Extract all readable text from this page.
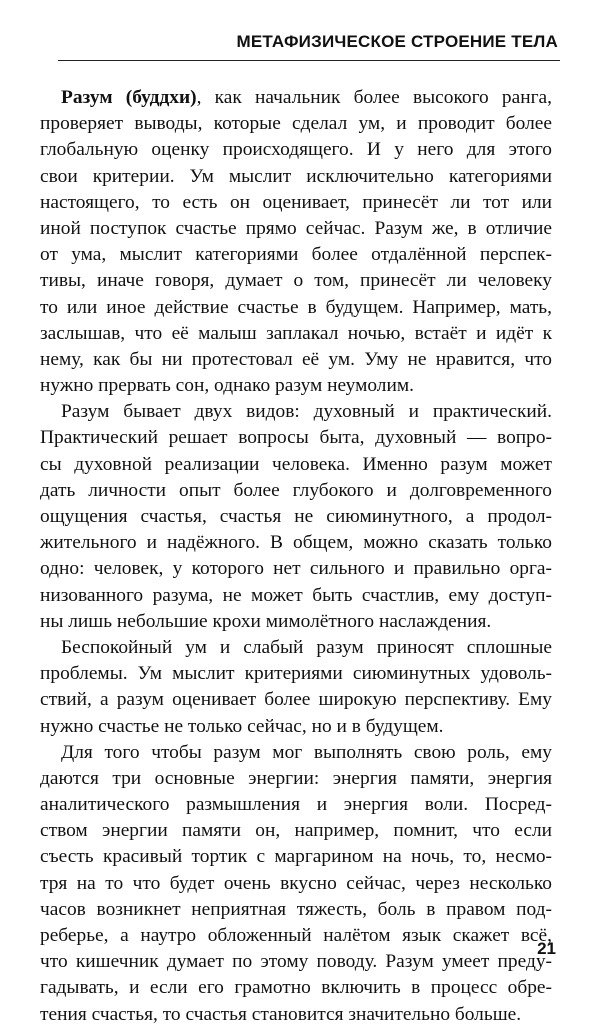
МЕТАФИЗИЧЕСКОЕ СТРОЕНИЕ ТЕЛА
Разум (буддхи), как начальник более высокого ранга,
проверяет выводы, которые сделал ум, и проводит более
глобальную оценку происходящего. И у него для этого
свои критерии. Ум мыслит исключительно категориями
настоящего, то есть он оценивает, принесёт ли тот или
иной поступок счастье прямо сейчас. Разум же, в отличие
от ума, мыслит категориями более отдалённой перспек-
тивы, иначе говоря, думает о том, принесёт ли человеку
то или иное действие счастье в будущем. Например, мать,
заслышав, что её малыш заплакал ночью, встаёт и идёт к
нему, как бы ни протестовал её ум. Уму не нравится, что
нужно прервать сон, однако разум неумолим.
Разум бывает двух видов: духовный и практический.
Практический решает вопросы быта, духовный — вопро-
сы духовной реализации человека. Именно разум может
дать личности опыт более глубокого и долговременного
ощущения счастья, счастья не сиюминутного, а продол-
жительного и надёжного. В общем, можно сказать только
одно: человек, у которого нет сильного и правильно орга-
низованного разума, не может быть счастлив, ему доступ-
ны лишь небольшие крохи мимолётного наслаждения.
Беспокойный ум и слабый разум приносят сплошные
проблемы. Ум мыслит критериями сиюминутных удоволь-
ствий, а разум оценивает более широкую перспективу. Ему
нужно счастье не только сейчас, но и в будущем.
Для того чтобы разум мог выполнять свою роль, ему
даются три основные энергии: энергия памяти, энергия
аналитического размышления и энергия воли. Посред-
ством энергии памяти он, например, помнит, что если
съесть красивый тортик с маргарином на ночь, то, несмо-
тря на то что будет очень вкусно сейчас, через несколько
часов возникнет неприятная тяжесть, боль в правом под-
реберье, а наутро обложенный налётом язык скажет всё,
что кишечник думает по этому поводу. Разум умеет преду-
гадывать, и если его грамотно включить в процесс обре-
тения счастья, то счастья становится значительно больше.
21
